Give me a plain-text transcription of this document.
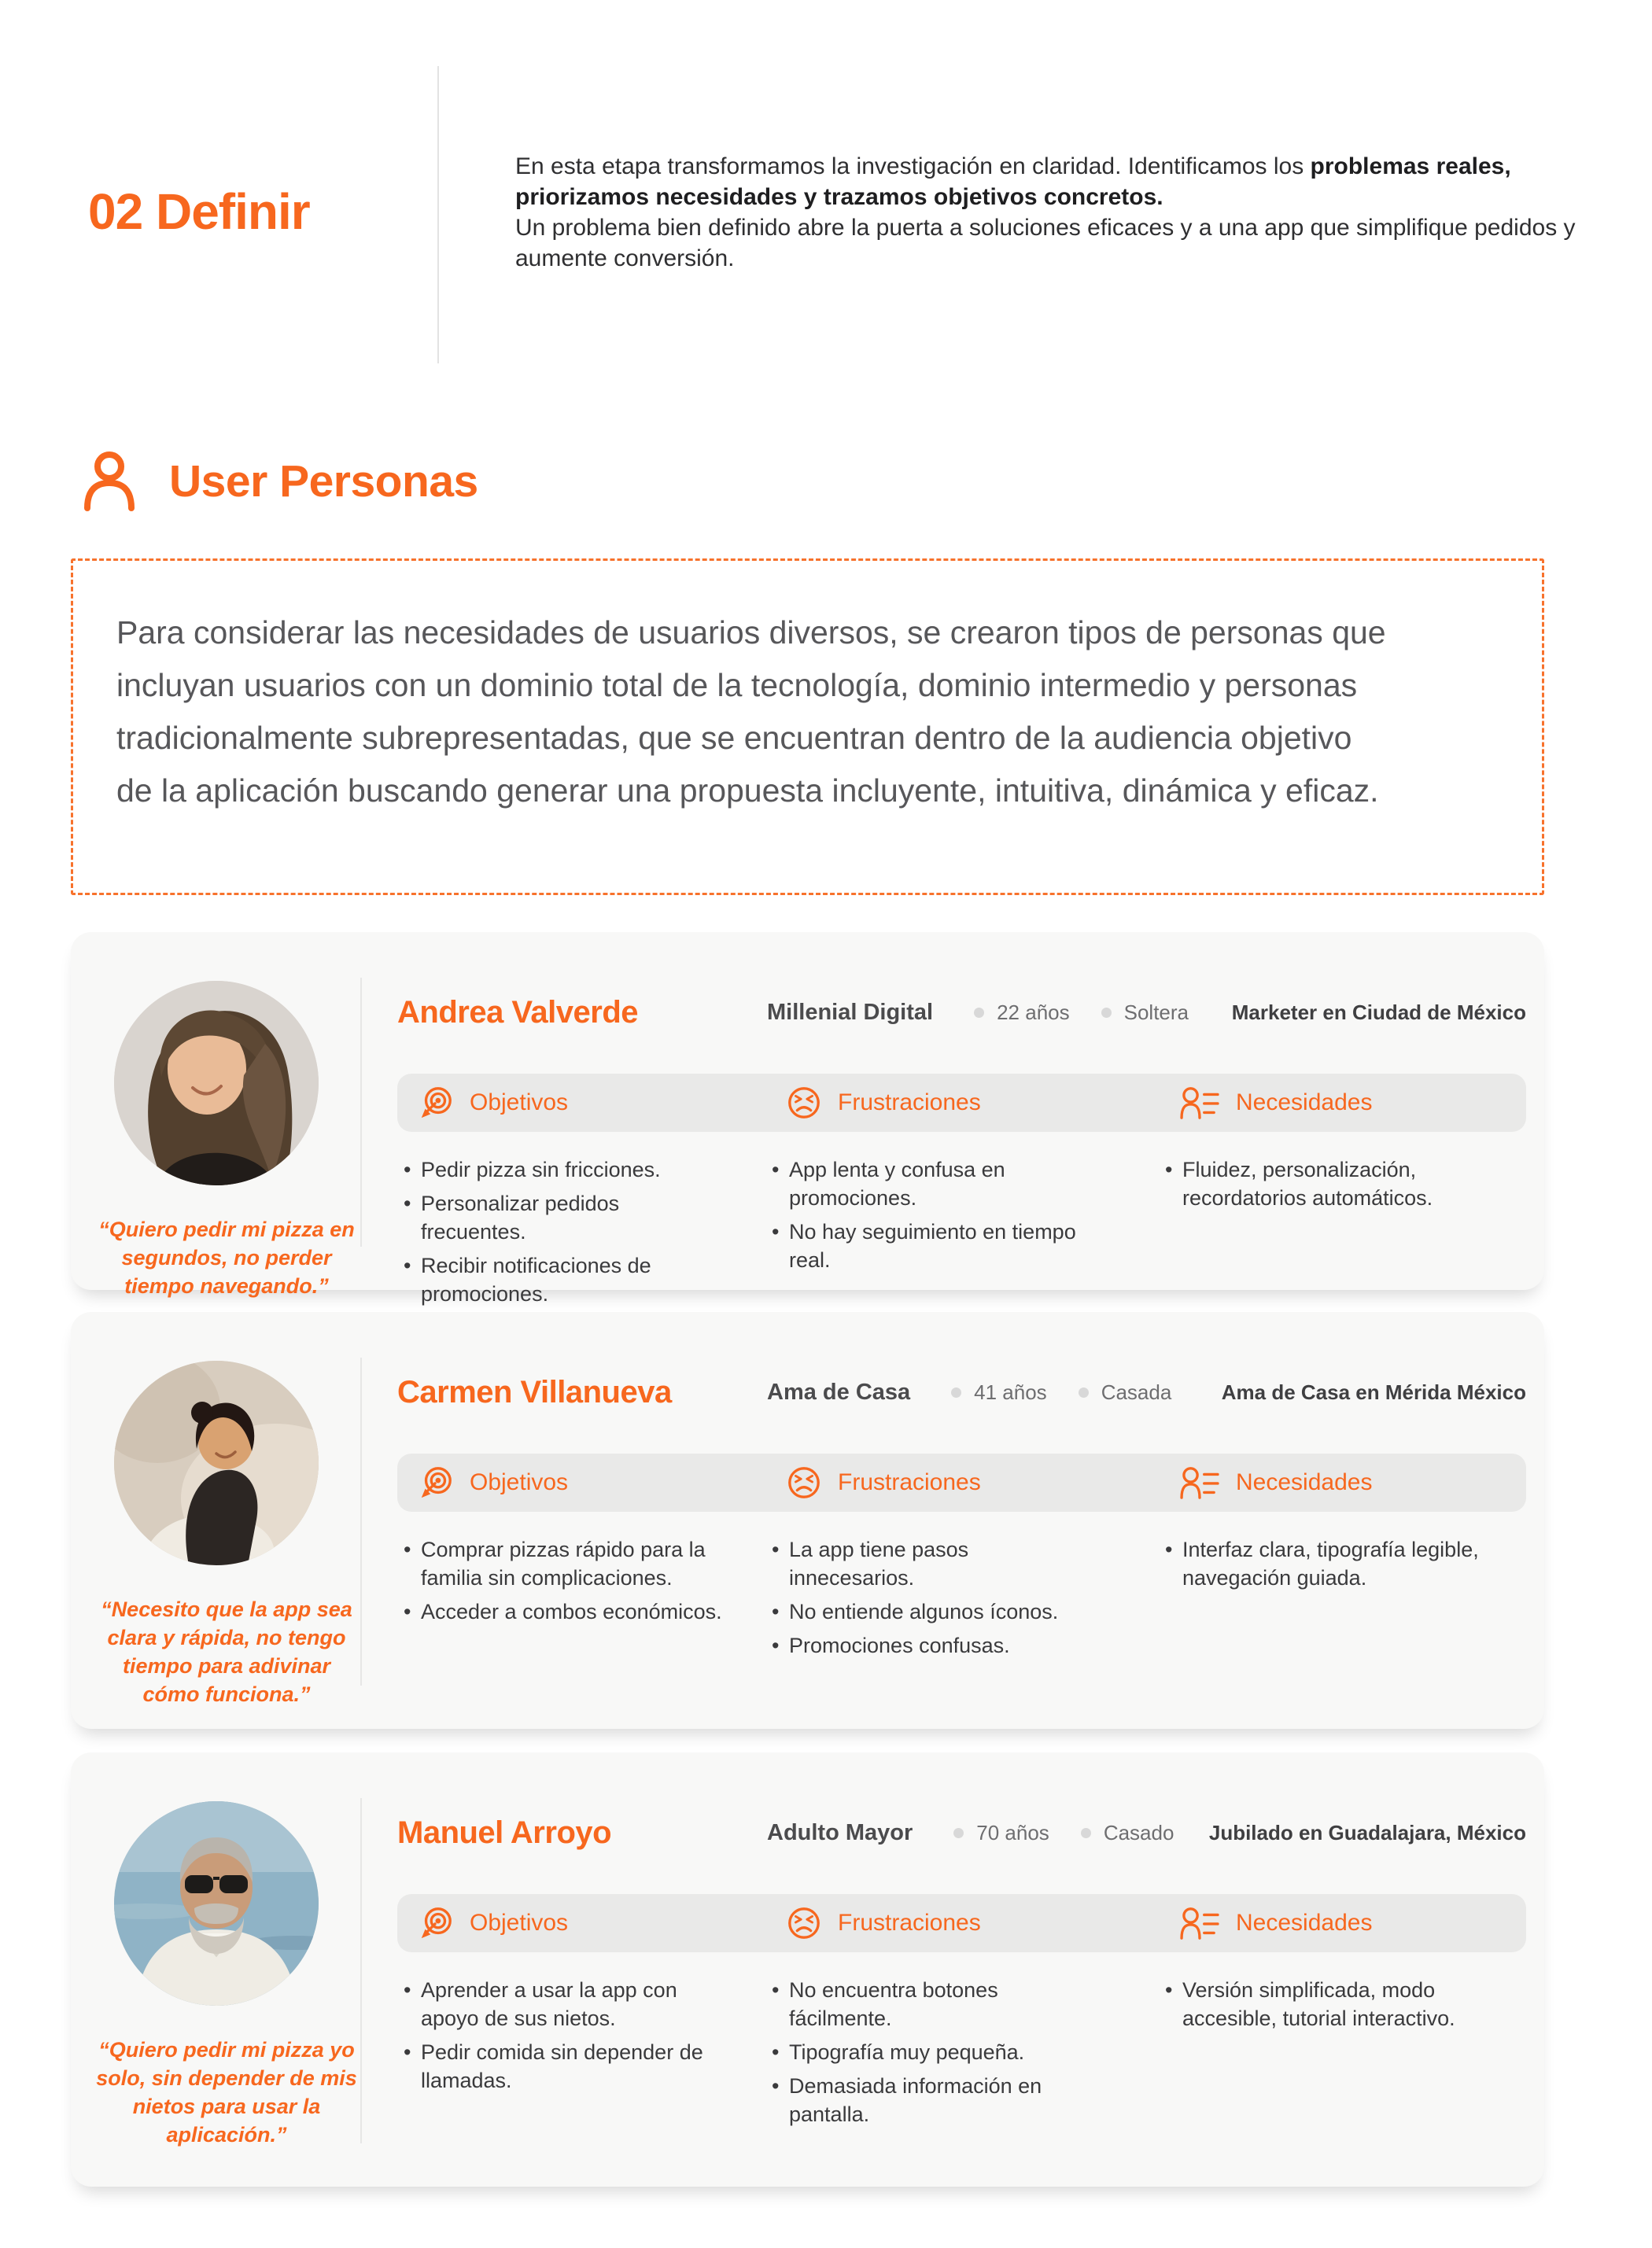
02 Definir

En esta etapa transformamos la investigación en claridad. Identificamos los problemas reales, priorizamos necesidades y trazamos objetivos concretos.
Un problema bien definido abre la puerta a soluciones eficaces y a una app que simplifique pedidos y aumente conversión.

User Personas

Para considerar las necesidades de usuarios diversos, se crearon tipos de personas que incluyan usuarios con un dominio total de la tecnología, dominio intermedio y personas tradicionalmente subrepresentadas, que se encuentran dentro de la audiencia objetivo de la aplicación buscando generar una propuesta incluyente, intuitiva, dinámica y eficaz.

“Quiero pedir mi pizza en segundos, no perder tiempo navegando.”

Andrea Valverde	Millenial Digital	22 años	Soltera Marketer en Ciudad de México
Objetivos	Frustraciones	Necesidades
• Pedir pizza sin fricciones.
• Personalizar pedidos frecuentes.
• Recibir notificaciones de promociones.
• App lenta y confusa en promociones.
• No hay seguimiento en tiempo real.
• Fluidez, personalización, recordatorios automáticos.

“Necesito que la app sea clara y rápida, no tengo tiempo para adivinar cómo funciona.”

Carmen Villanueva	Ama de Casa	41 años	Casada Ama de Casa en Mérida México
Objetivos	Frustraciones	Necesidades
• Comprar pizzas rápido para la familia sin complicaciones.
• Acceder a combos económicos.
• La app tiene pasos innecesarios.
• No entiende algunos íconos.
• Promociones confusas.
• Interfaz clara, tipografía legible, navegación guiada.

“Quiero pedir mi pizza yo solo, sin depender de mis nietos para usar la aplicación.”

Manuel Arroyo	Adulto Mayor	70 años	Casado Jubilado en Guadalajara, México
Objetivos	Frustraciones	Necesidades
• Aprender a usar la app con apoyo de sus nietos.
• Pedir comida sin depender de llamadas.
• No encuentra botones fácilmente.
• Tipografía muy pequeña.
• Demasiada información en pantalla.
• Versión simplificada, modo accesible, tutorial interactivo.
